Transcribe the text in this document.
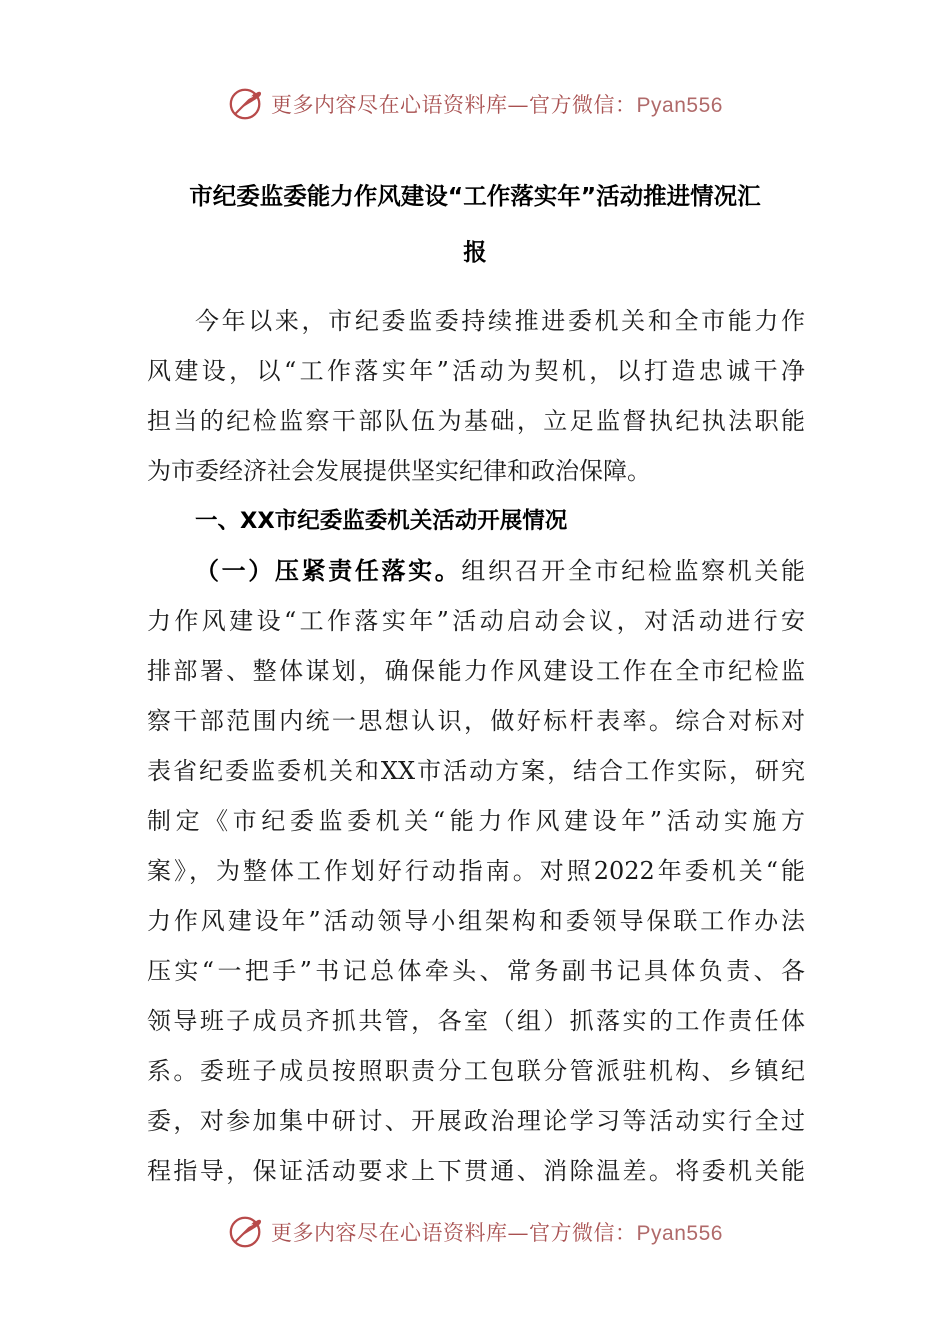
更多内容尽在心语资料库—官方微信：Pyan556
市纪委监委能力作风建设“工作落实年”活动推进情况汇
报
今年以来，市纪委监委持续推进委机关和全市能力作
风建设，以“工作落实年”活动为契机，以打造忠诚干净
担当的纪检监察干部队伍为基础，立足监督执纪执法职能
为市委经济社会发展提供坚实纪律和政治保障。
一、XX市纪委监委机关活动开展情况
（一）压紧责任落实。组织召开全市纪检监察机关能
力作风建设“工作落实年”活动启动会议，对活动进行安
排部署、整体谋划，确保能力作风建设工作在全市纪检监
察干部范围内统一思想认识，做好标杆表率。综合对标对
表省纪委监委机关和XX市活动方案，结合工作实际，研究
制定《市纪委监委机关“能力作风建设年”活动实施方
案》，为整体工作划好行动指南。对照2022年委机关“能
力作风建设年”活动领导小组架构和委领导保联工作办法
压实“一把手”书记总体牵头、常务副书记具体负责、各
领导班子成员齐抓共管，各室（组）抓落实的工作责任体
系。委班子成员按照职责分工包联分管派驻机构、乡镇纪
委，对参加集中研讨、开展政治理论学习等活动实行全过
程指导，保证活动要求上下贯通、消除温差。将委机关能
更多内容尽在心语资料库—官方微信：Pyan556
